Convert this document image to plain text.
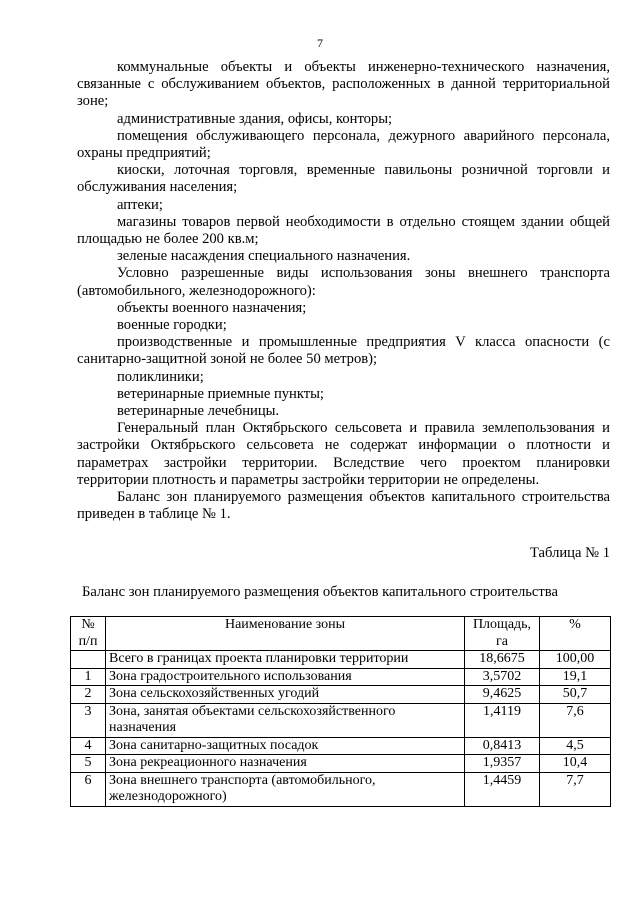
7

коммунальные объекты и объекты инженерно-технического назначения, связанные с обслуживанием объектов, расположенных в данной территориальной зоне;

административные здания, офисы, конторы;

помещения обслуживающего персонала, дежурного аварийного персонала, охраны предприятий;

киоски, лоточная торговля, временные павильоны розничной торговли и обслуживания населения;

аптеки;

магазины товаров первой необходимости в отдельно стоящем здании общей площадью не более 200 кв.м;

зеленые насаждения специального назначения.

Условно разрешенные виды использования зоны внешнего транспорта (автомобильного, железнодорожного):

объекты военного назначения;

военные городки;

производственные и промышленные предприятия V класса опасности (с санитарно-защитной зоной не более 50 метров);

поликлиники;

ветеринарные приемные пункты;

ветеринарные лечебницы.

Генеральный план Октябрьского сельсовета и правила землепользования и застройки Октябрьского сельсовета не содержат информации о плотности и параметрах застройки территории. Вследствие чего проектом планировки территории плотность и параметры застройки территории не определены.

Баланс зон планируемого размещения объектов капитального строительства приведен в таблице № 1.

Таблица № 1
Баланс зон планируемого размещения объектов капитального строительства
№ п/п	Наименование зоны	Площадь, га	%
	Всего в границах проекта планировки территории	18,6675	100,00
1	Зона градостроительного использования	3,5702	19,1
2	Зона сельскохозяйственных угодий	9,4625	50,7
3	Зона, занятая объектами сельскохозяйственного назначения	1,4119	7,6
4	Зона санитарно-защитных посадок	0,8413	4,5
5	Зона рекреационного назначения	1,9357	10,4
6	Зона внешнего транспорта (автомобильного, железнодорожного)	1,4459	7,7
